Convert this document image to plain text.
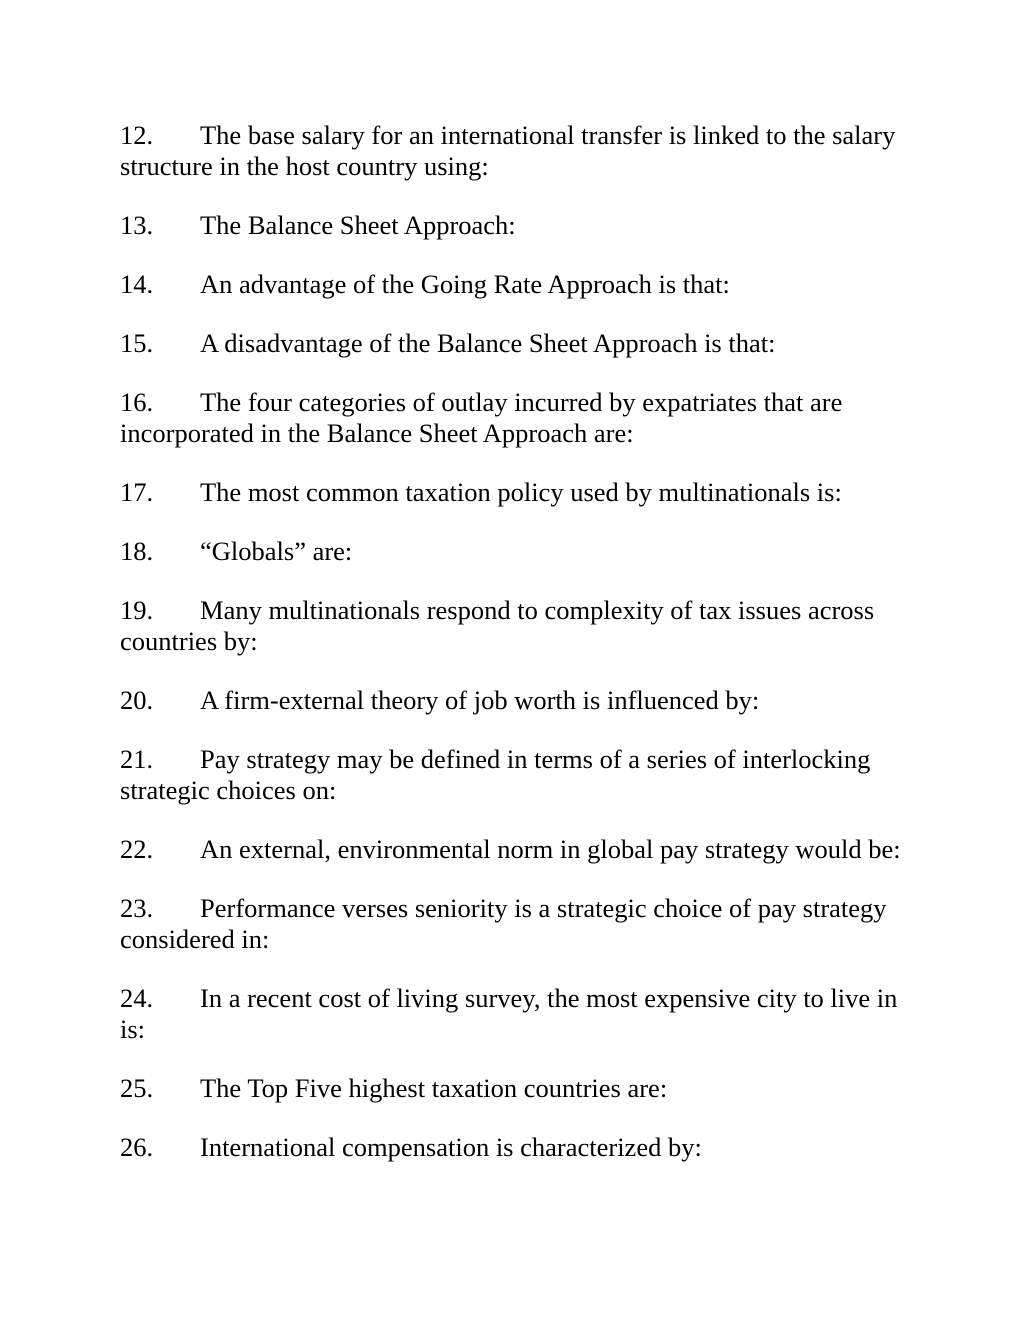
12. The base salary for an international transfer is linked to the salary structure in the host country using:
13. The Balance Sheet Approach:
14. An advantage of the Going Rate Approach is that:
15. A disadvantage of the Balance Sheet Approach is that:
16. The four categories of outlay incurred by expatriates that are incorporated in the Balance Sheet Approach are:
17. The most common taxation policy used by multinationals is:
18. “Globals” are:
19. Many multinationals respond to complexity of tax issues across countries by:
20. A firm-external theory of job worth is influenced by:
21. Pay strategy may be defined in terms of a series of interlocking strategic choices on:
22. An external, environmental norm in global pay strategy would be:
23. Performance verses seniority is a strategic choice of pay strategy considered in:
24. In a recent cost of living survey, the most expensive city to live in is:
25. The Top Five highest taxation countries are:
26. International compensation is characterized by:
